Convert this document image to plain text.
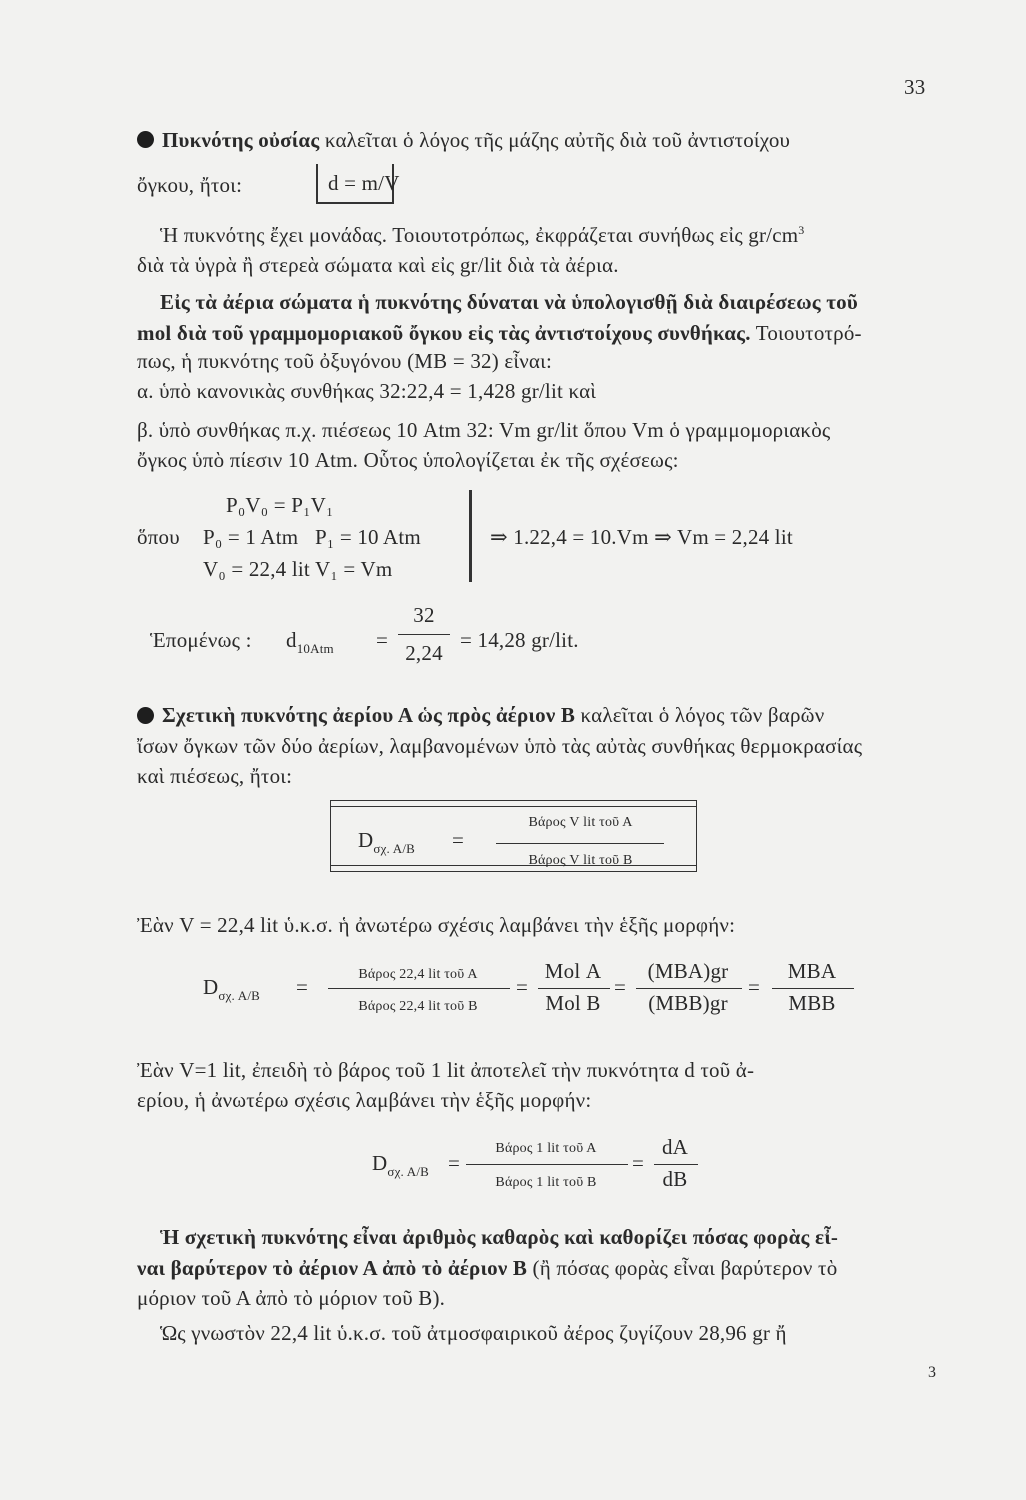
33
Πυκνότης οὐσίας καλεῖται ὁ λόγος τῆς μάζης αὐτῆς διὰ τοῦ ἀντιστοίχου
ὄγκου, ἤτοι:	d = m/V
Ἡ πυκνότης ἔχει μονάδας. Τοιουτοτρόπως, ἐκφράζεται συνήθως εἰς $gr/cm^3$
διὰ τὰ ὑγρὰ ἢ στερεὰ σώματα καὶ εἰς gr/lit διὰ τὰ ἀέρια.
Εἰς τὰ ἀέρια σώματα ἡ πυκνότης δύναται νὰ ὑπολογισθῇ διὰ διαιρέσεως τοῦ
mol διὰ τοῦ γραμμομοριακοῦ ὄγκου εἰς τὰς ἀντιστοίχους συνθήκας. Τοιουτοτρό-
πως, ἡ πυκνότης τοῦ ὀξυγόνου (ΜΒ = 32) εἶναι:
α. ὑπὸ κανονικὰς συνθήκας 32:22,4 = 1,428 gr/lit καὶ
β. ὑπὸ συνθήκας π.χ. πιέσεως 10 Atm 32: Vm gr/lit ὅπου Vm ὁ γραμμομοριακὸς
ὄγκος ὑπὸ πίεσιν 10 Atm. Οὗτος ὑπολογίζεται ἐκ τῆς σχέσεως:
P₀V₀ = P₁V₁
ὅπου P₀ = 1 Atm P₁ = 10 Atm
V₀ = 22,4 lit V₁ = Vm
⇒ 1.22,4 = 10.Vm ⇒ Vm = 2,24 lit
Ἑπομένως : $d_{10Atm}$ =
32
2,24
= 14,28 gr/lit.
Σχετικὴ πυκνότης ἀερίου Α ὡς πρὸς ἀέριον Β καλεῖται ὁ λόγος τῶν βαρῶν
ἴσων ὄγκων τῶν δύο ἀερίων, λαμβανομένων ὑπὸ τὰς αὐτὰς συνθήκας θερμοκρασίας
καὶ πιέσεως, ἤτοι:
$D_{\sigma\chi. A/B}$ =
Βάρος V lit τοῦ Α
Βάρος V lit τοῦ Β
Ἐὰν V = 22,4 lit ὑ.κ.σ. ἡ ἀνωτέρω σχέσις λαμβάνει τὴν ἑξῆς μορφήν:
$D_{\sigma\chi. A/B}$ =
Βάρος 22,4 lit τοῦ Α
Βάρος 22,4 lit τοῦ Β
=
Mol Α
Mol Β
=
(ΜΒΑ)gr
(ΜΒΒ)gr
=
ΜΒΑ
ΜΒΒ
Ἐὰν V=1 lit, ἐπειδὴ τὸ βάρος τοῦ 1 lit ἀποτελεῖ τὴν πυκνότητα d τοῦ ἀ-
ερίου, ἡ ἀνωτέρω σχέσις λαμβάνει τὴν ἑξῆς μορφήν:
$D_{\sigma\chi. A/B}$ =
Βάρος 1 lit τοῦ Α
Βάρος 1 lit τοῦ Β
=
dΑ
dΒ
Ἡ σχετικὴ πυκνότης εἶναι ἀριθμὸς καθαρὸς καὶ καθορίζει πόσας φορὰς εἶ-
ναι βαρύτερον τὸ ἀέριον Α ἀπὸ τὸ ἀέριον Β (ἢ πόσας φορὰς εἶναι βαρύτερον τὸ
μόριον τοῦ Α ἀπὸ τὸ μόριον τοῦ Β).
Ὡς γνωστὸν 22,4 lit ὑ.κ.σ. τοῦ ἀτμοσφαιρικοῦ ἀέρος ζυγίζουν 28,96 gr ἤ
3
